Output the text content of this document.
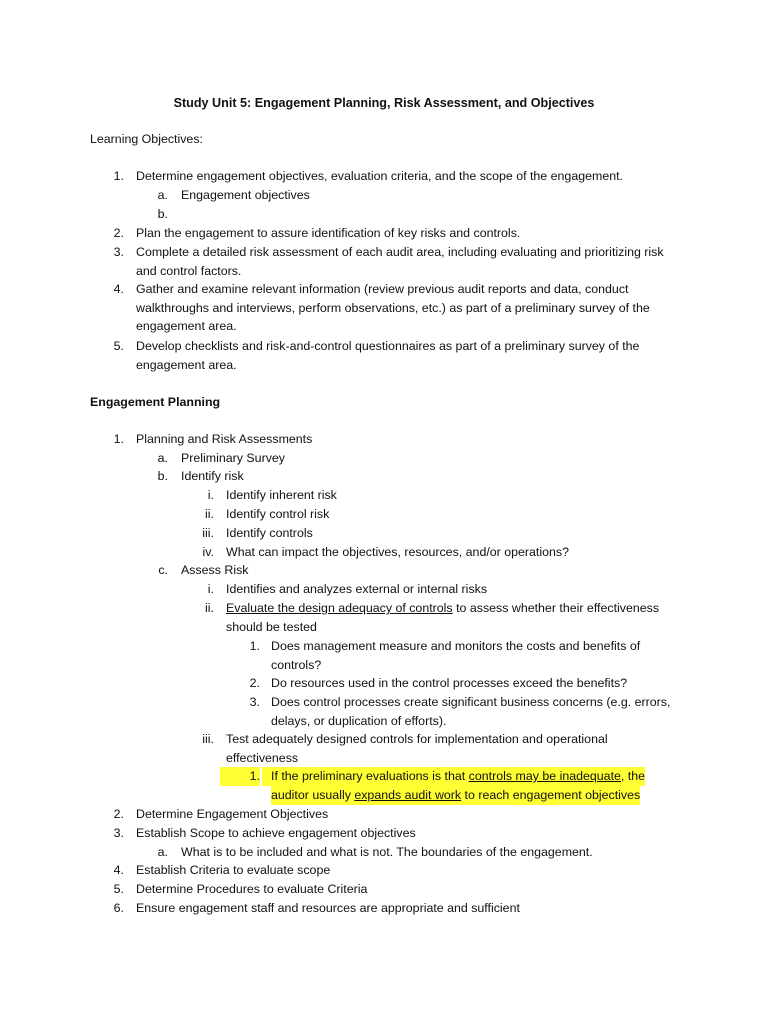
Study Unit 5: Engagement Planning, Risk Assessment, and Objectives
Learning Objectives:
1. Determine engagement objectives, evaluation criteria, and the scope of the engagement.
a. Engagement objectives
b.
2. Plan the engagement to assure identification of key risks and controls.
3. Complete a detailed risk assessment of each audit area, including evaluating and prioritizing risk
and control factors.
4. Gather and examine relevant information (review previous audit reports and data, conduct
walkthroughs and interviews, perform observations, etc.) as part of a preliminary survey of the
engagement area.
5. Develop checklists and risk-and-control questionnaires as part of a preliminary survey of the
engagement area.
Engagement Planning
1. Planning and Risk Assessments
a. Preliminary Survey
b. Identify risk
i. Identify inherent risk
ii. Identify control risk
iii. Identify controls
iv. What can impact the objectives, resources, and/or operations?
c. Assess Risk
i. Identifies and analyzes external or internal risks
ii. Evaluate the design adequacy of controls to assess whether their effectiveness
should be tested
1. Does management measure and monitors the costs and benefits of
controls?
2. Do resources used in the control processes exceed the benefits?
3. Does control processes create significant business concerns (e.g. errors,
delays, or duplication of efforts).
iii. Test adequately designed controls for implementation and operational
effectiveness
1. If the preliminary evaluations is that controls may be inadequate, the
auditor usually expands audit work to reach engagement objectives
2. Determine Engagement Objectives
3. Establish Scope to achieve engagement objectives
a. What is to be included and what is not. The boundaries of the engagement.
4. Establish Criteria to evaluate scope
5. Determine Procedures to evaluate Criteria
6. Ensure engagement staff and resources are appropriate and sufficient
